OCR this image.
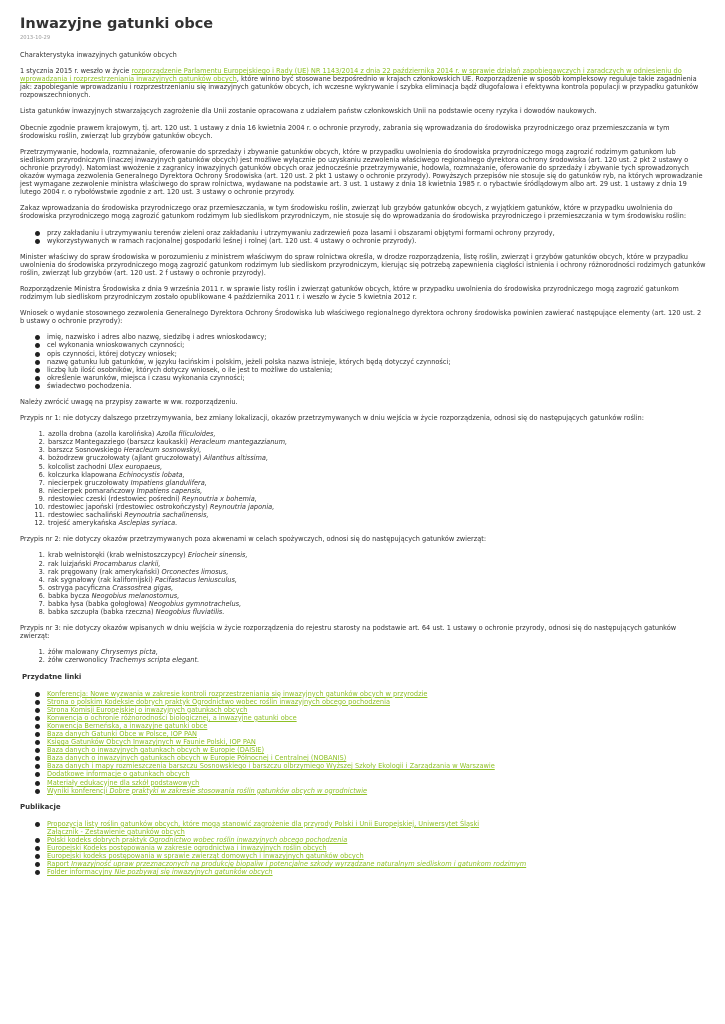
Inwazyjne gatunki obce
2013-10-29

Charakterystyka inwazyjnych gatunków obcych

1 stycznia 2015 r. weszło w życie rozporządzenie Parlamentu Europejskiego i Rady (UE) NR 1143/2014 z dnia 22 października 2014 r. w sprawie działań zapobiegawczych i zaradczych w odniesieniu do wprowadzania i rozprzestrzeniania inwazyjnych gatunków obcych, które winno być stosowane bezpośrednio w krajach członkowskich UE. Rozporządzenie w sposób kompleksowy reguluje takie zagadnienia jak: zapobieganie wprowadzaniu i rozprzestrzenianiu się inwazyjnych gatunków obcych, ich wczesne wykrywanie i szybka eliminacja bądź długofalowa i efektywna kontrola populacji w przypadku gatunków rozpowszechnionych.

Lista gatunków inwazyjnych stwarzających zagrożenie dla Unii zostanie opracowana z udziałem państw członkowskich Unii na podstawie oceny ryzyka i dowodów naukowych.

Obecnie zgodnie prawem krajowym, tj. art. 120 ust. 1 ustawy z dnia 16 kwietnia 2004 r. o ochronie przyrody, zabrania się wprowadzania do środowiska przyrodniczego oraz przemieszczania w tym środowisku roślin, zwierząt lub grzybów gatunków obcych.

Przetrzymywanie, hodowla, rozmnażanie, oferowanie do sprzedaży i zbywanie gatunków obcych, które w przypadku uwolnienia do środowiska przyrodniczego mogą zagrozić rodzimym gatunkom lub siedliskom przyrodniczym (inaczej inwazyjnych gatunków obcych) jest możliwe wyłącznie po uzyskaniu zezwolenia właściwego regionalnego dyrektora ochrony środowiska (art. 120 ust. 2 pkt 2 ustawy o ochronie przyrody). Natomiast wwożenie z zagranicy inwazyjnych gatunków obcych oraz jednocześnie przetrzymywanie, hodowla, rozmnażanie, oferowanie do sprzedaży i zbywanie tych sprowadzonych okazów wymaga zezwolenia Generalnego Dyrektora Ochrony Środowiska (art. 120 ust. 2 pkt 1 ustawy o ochronie przyrody). Powyższych przepisów nie stosuje się do gatunków ryb, na których wprowadzanie jest wymagane zezwolenie ministra właściwego do spraw rolnictwa, wydawane na podstawie art. 3 ust. 1 ustawy z dnia 18 kwietnia 1985 r. o rybactwie śródlądowym albo art. 29 ust. 1 ustawy z dnia 19 lutego 2004 r. o rybołówstwie zgodnie z art. 120 ust. 3 ustawy o ochronie przyrody.

Zakaz wprowadzania do środowiska przyrodniczego oraz przemieszczania, w tym środowisku roślin, zwierząt lub grzybów gatunków obcych, z wyjątkiem gatunków, które w przypadku uwolnienia do środowiska przyrodniczego mogą zagrozić gatunkom rodzimym lub siedliskom przyrodniczym, nie stosuje się do wprowadzania do środowiska przyrodniczego i przemieszczania w tym środowisku roślin:

przy zakładaniu i utrzymywaniu terenów zieleni oraz zakładaniu i utrzymywaniu zadrzewień poza lasami i obszarami objętymi formami ochrony przyrody,
wykorzystywanych w ramach racjonalnej gospodarki leśnej i rolnej (art. 120 ust. 4 ustawy o ochronie przyrody).

Minister właściwy do spraw środowiska w porozumieniu z ministrem właściwym do spraw rolnictwa określa, w drodze rozporządzenia, listę roślin, zwierząt i grzybów gatunków obcych, które w przypadku uwolnienia do środowiska przyrodniczego mogą zagrozić gatunkom rodzimym lub siedliskom przyrodniczym, kierując się potrzebą zapewnienia ciągłości istnienia i ochrony różnorodności rodzimych gatunków roślin, zwierząt lub grzybów (art. 120 ust. 2 f ustawy o ochronie przyrody).

Rozporządzenie Ministra Środowiska z dnia 9 września 2011 r. w sprawie listy roślin i zwierząt gatunków obcych, które w przypadku uwolnienia do środowiska przyrodniczego mogą zagrozić gatunkom rodzimym lub siedliskom przyrodniczym zostało opublikowane 4 października 2011 r. i weszło w życie 5 kwietnia 2012 r.

Wniosek o wydanie stosownego zezwolenia Generalnego Dyrektora Ochrony Środowiska lub właściwego regionalnego dyrektora ochrony środowiska powinien zawierać następujące elementy (art. 120 ust. 2 b ustawy o ochronie przyrody):

imię, nazwisko i adres albo nazwę, siedzibę i adres wnioskodawcy;
cel wykonania wnioskowanych czynności;
opis czynności, której dotyczy wniosek;
nazwę gatunku lub gatunków, w języku łacińskim i polskim, jeżeli polska nazwa istnieje, których będą dotyczyć czynności;
liczbę lub ilość osobników, których dotyczy wniosek, o ile jest to możliwe do ustalenia;
określenie warunków, miejsca i czasu wykonania czynności;
świadectwo pochodzenia.

Należy zwrócić uwagę na przypisy zawarte w ww. rozporządzeniu.

Przypis nr 1: nie dotyczy dalszego przetrzymywania, bez zmiany lokalizacji, okazów przetrzymywanych w dniu wejścia w życie rozporządzenia, odnosi się do następujących gatunków roślin:

1. azolla drobna (azolla karolińska) Azolla filiculoides,
2. barszcz Mantegazziego (barszcz kaukaski) Heracleum mantegazzianum,
3. barszcz Sosnowskiego Heracleum sosnowskyi,
4. bożodrzew gruczołowaty (ajlant gruczołowaty) Ailanthus altissima,
5. kolcolist zachodni Ulex europaeus,
6. kolczurka klapowana Echinocystis lobata,
7. niecierpek gruczołowaty Impatiens glandulifera,
8. niecierpek pomarańczowy Impatiens capensis,
9. rdestowiec czeski (rdestowiec pośredni) Reynoutria x bohemia,
10. rdestowiec japoński (rdestowiec ostrokończysty) Reynoutria japonia,
11. rdestowiec sachaliński Reynoutria sachalinensis,
12. trojeść amerykańska Asclepias syriaca.

Przypis nr 2: nie dotyczy okazów przetrzymywanych poza akwenami w celach spożywczych, odnosi się do następujących gatunków zwierząt:

1. krab wełnistoręki (krab wełnistoszczypcy) Eriocheir sinensis,
2. rak luizjański Procambarus clarkii,
3. rak pręgowany (rak amerykański) Orconectes limosus,
4. rak sygnałowy (rak kalifornijski) Pacifastacus leniusculus,
5. ostryga pacyficzna Crassostrea gigas,
6. babka bycza Neogobius melanostomus,
7. babka łysa (babka gołogłowa) Neogobius gymnotrachelus,
8. babka szczupła (babka rzeczna) Neogobius fluviatilis.

Przypis nr 3: nie dotyczy okazów wpisanych w dniu wejścia w życie rozporządzenia do rejestru starosty na podstawie art. 64 ust. 1 ustawy o ochronie przyrody, odnosi się do następujących gatunków zwierząt:

1. żółw malowany Chrysemys picta,
2. żółw czerwonolicy Trachemys scripta elegant.
Przydatne linki
Konferencja: Nowe wyzwania w zakresie kontroli rozprzestrzeniania się inwazyjnych gatunków obcych w przyrodzie
Strona o polskim Kodeksie dobrych praktyk Ogrodnictwo wobec roślin inwazyjnych obcego pochodzenia
Strona Komisji Europejskiej o inwazyjnych gatunkach obcych
Konwencja o ochronie różnorodności biologicznej, a inwazyjne gatunki obce
Konwencja Berneńska, a inwazyjne gatunki obce
Baza danych Gatunki Obce w Polsce, IOP PAN
Księga Gatunków Obcych Inwazyjnych w Faunie Polski, IOP PAN
Baza danych o inwazyjnych gatunkach obcych w Europie (DAISIE)
Baza danych o inwazyjnych gatunkach obcych w Europie Północnej i Centralnej (NOBANIS)
Baza danych i mapy rozmieszczenia barszczu Sosnowskiego i barszczu olbrzymiego Wyższej Szkoły Ekologii i Zarządzania w Warszawie
Dodatkowe informacje o gatunkach obcych
Materiały edukacyjne dla szkół podstawowych
Wyniki konferencji Dobre praktyki w zakresie stosowania roślin gatunków obcych w ogrodnictwie
Publikacje
Propozycja listy roślin gatunków obcych, które mogą stanowić zagrożenie dla przyrody Polski i Unii Europejskiej, Uniwersytet Śląski
Załącznik - Zestawienie gatunków obcych
Polski kodeks dobrych praktyk Ogrodnictwo wobec roślin inwazyjnych obcego pochodzenia
Europejski Kodeks postępowania w zakresie ogrodnictwa i inwazyjnych roślin obcych
Europejski kodeks postępowania w sprawie zwierząt domowych i inwazyjnych gatunków obcych
Raport Inwazyjność upraw przeznaczonych na produkcję biopaliw i potencjalne szkody wyrządzane naturalnym siedliskom i gatunkom rodzimym
Folder informacyjny Nie pozbywaj się inwazyjnych gatunków obcych
